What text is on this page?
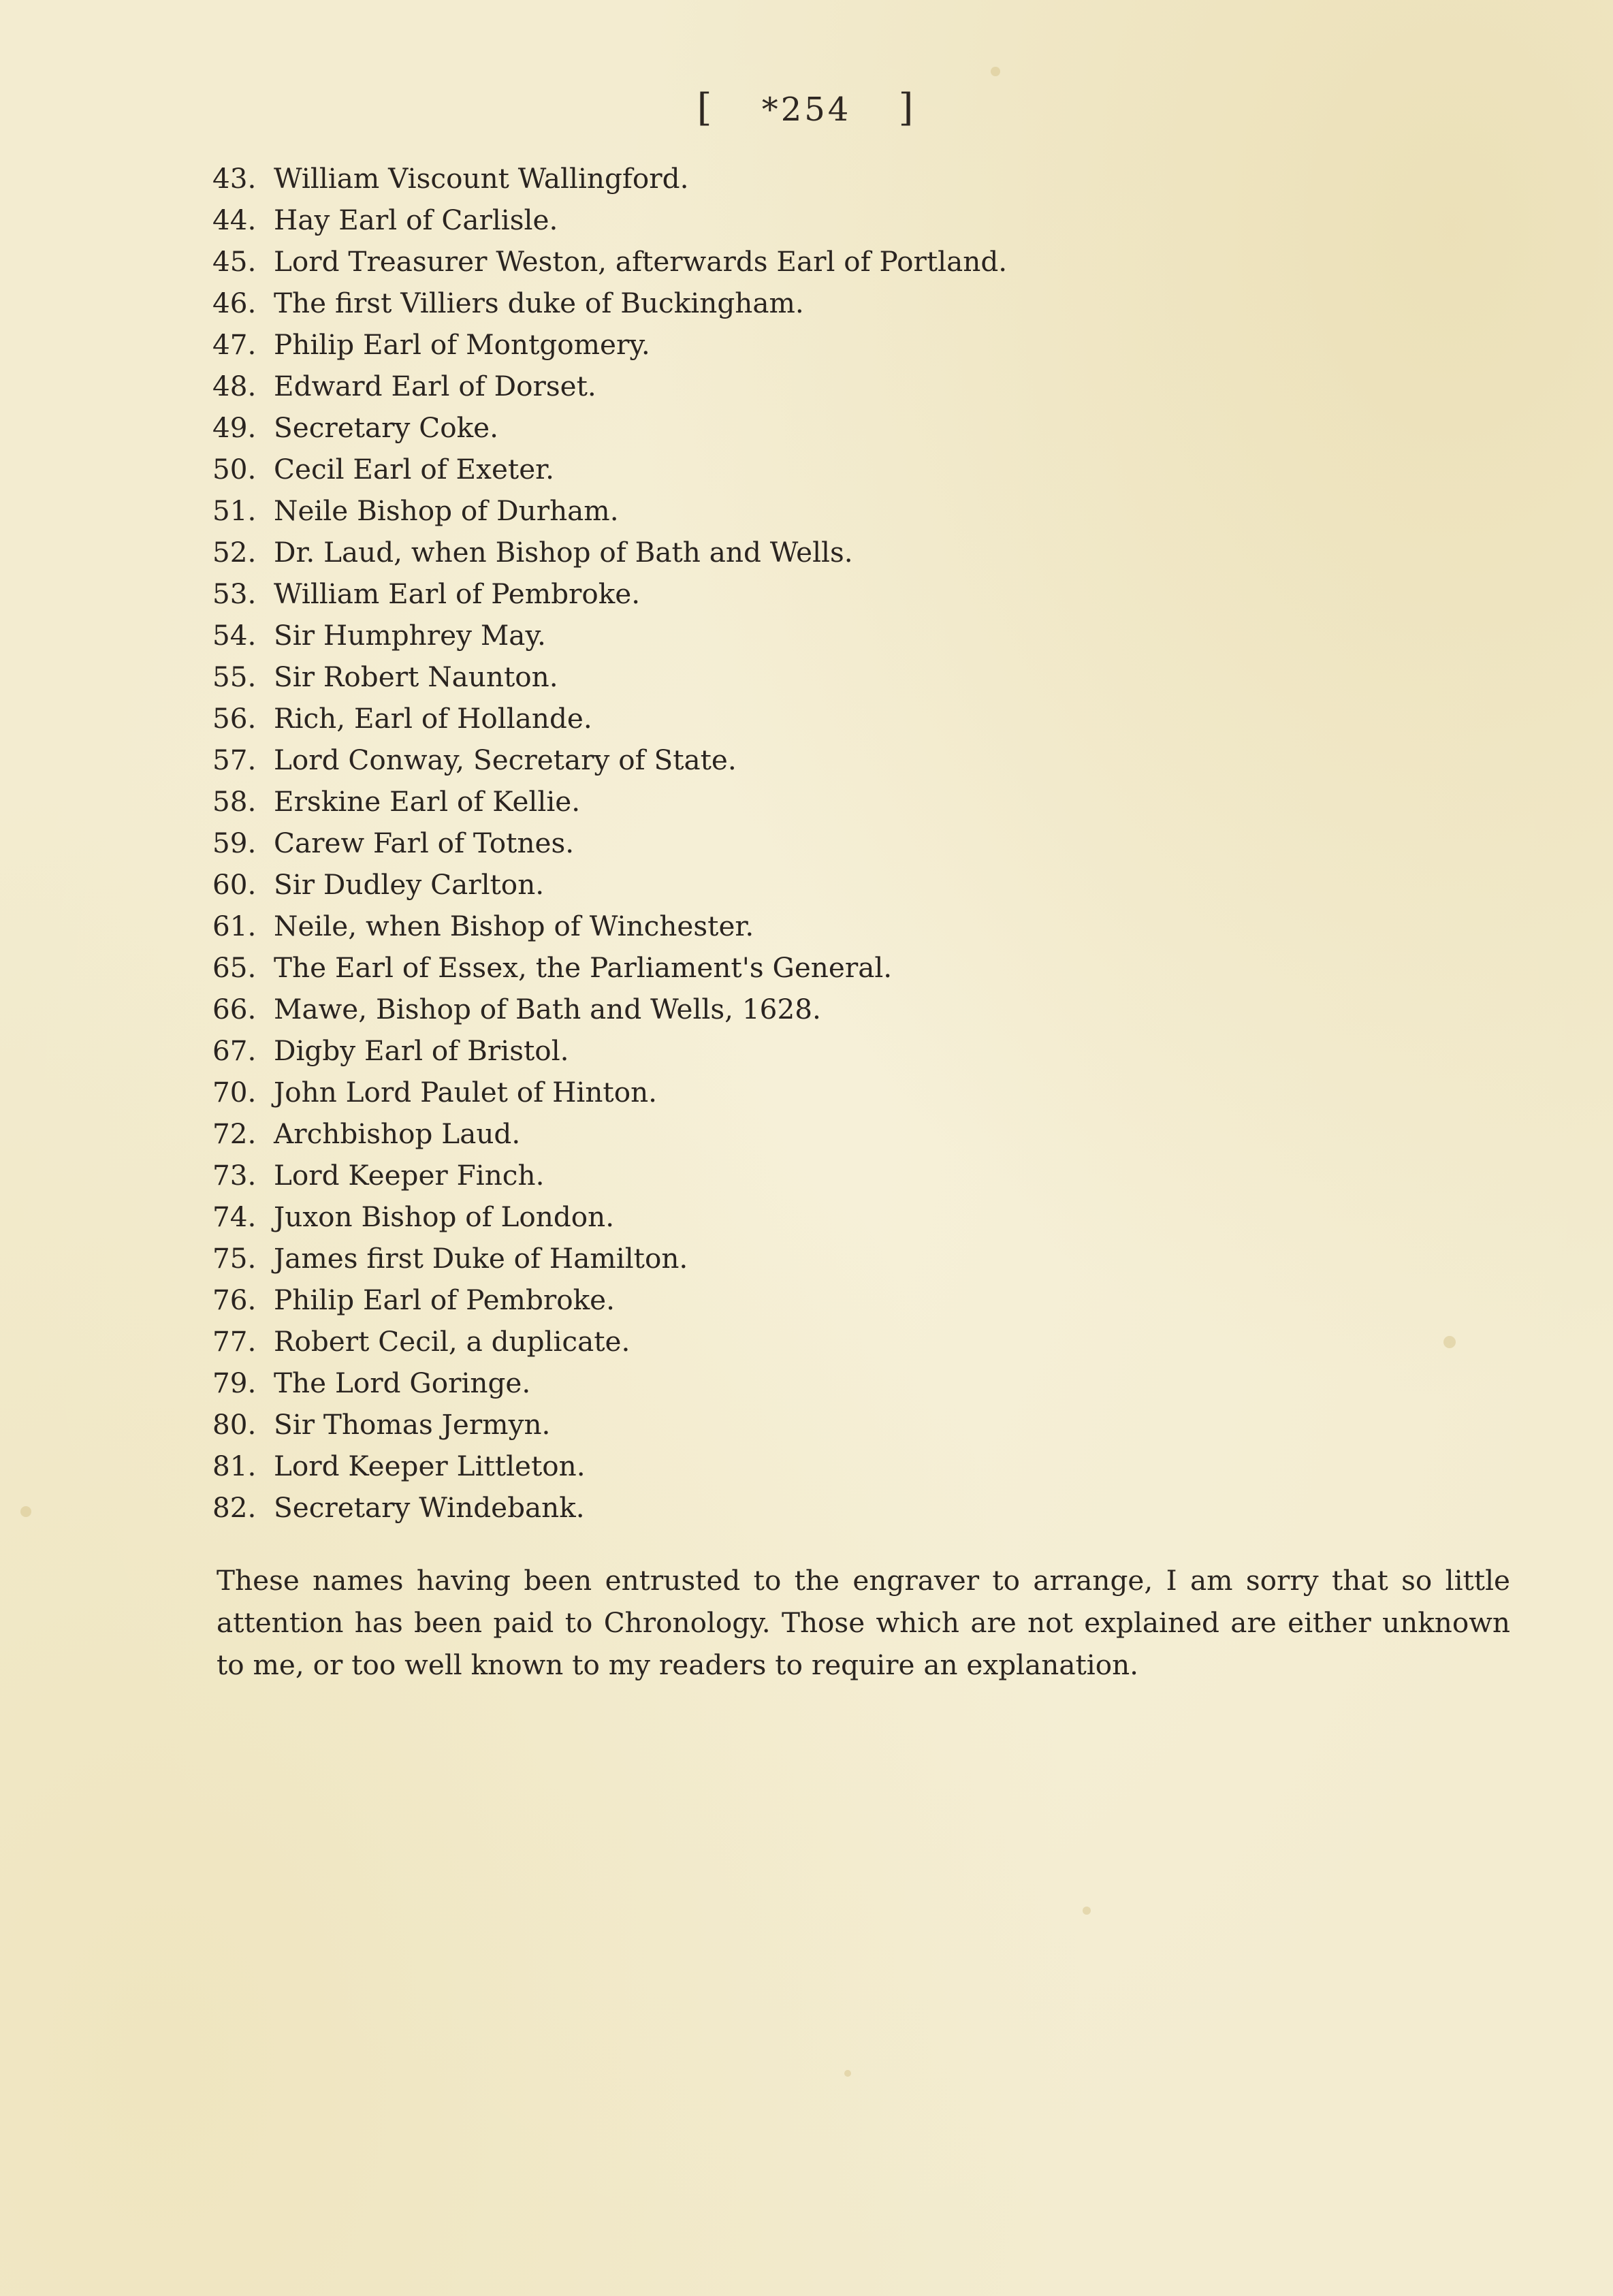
[ *254 ]
43. William Viscount Wallingford.
44. Hay Earl of Carlisle.
45. Lord Treasurer Weston, afterwards Earl of Portland.
46. The first Villiers duke of Buckingham.
47. Philip Earl of Montgomery.
48. Edward Earl of Dorset.
49. Secretary Coke.
50. Cecil Earl of Exeter.
51. Neile Bishop of Durham.
52. Dr. Laud, when Bishop of Bath and Wells.
53. William Earl of Pembroke.
54. Sir Humphrey May.
55. Sir Robert Naunton.
56. Rich, Earl of Hollande.
57. Lord Conway, Secretary of State.
58. Erskine Earl of Kellie.
59. Carew Farl of Totnes.
60. Sir Dudley Carlton.
61. Neile, when Bishop of Winchester.
65. The Earl of Essex, the Parliament's General.
66. Mawe, Bishop of Bath and Wells, 1628.
67. Digby Earl of Bristol.
70. John Lord Paulet of Hinton.
72. Archbishop Laud.
73. Lord Keeper Finch.
74. Juxon Bishop of London.
75. James first Duke of Hamilton.
76. Philip Earl of Pembroke.
77. Robert Cecil, a duplicate.
79. The Lord Goringe.
80. Sir Thomas Jermyn.
81. Lord Keeper Littleton.
82. Secretary Windebank.

These names having been entrusted to the engraver to arrange, I am sorry that so little attention has been paid to Chronology. Those which are not explained are either unknown to me, or too well known to my readers to require an explanation.
